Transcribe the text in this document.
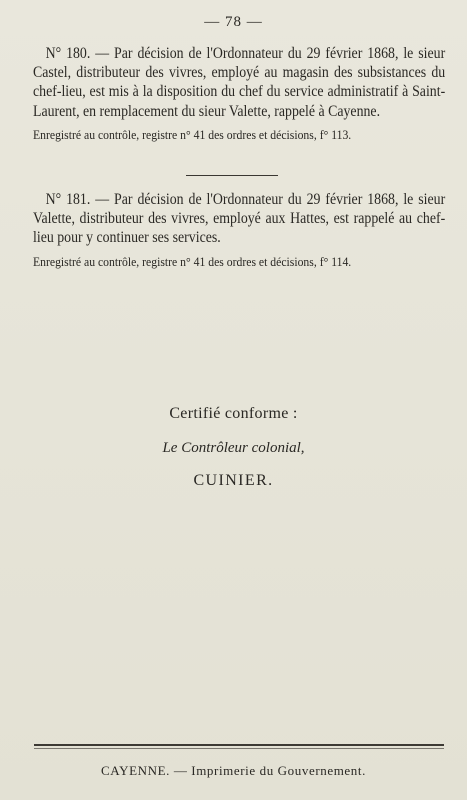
— 78 —

N° 180. — Par décision de l'Ordonnateur du 29 février 1868, le sieur Castel, distributeur des vivres, employé au magasin des subsistances du chef-lieu, est mis à la disposition du chef du service administratif à Saint-Laurent, en remplacement du sieur Valette, rappelé à Cayenne.

Enregistré au contrôle, registre n° 41 des ordres et décisions, f° 113.

N° 181. — Par décision de l'Ordonnateur du 29 février 1868, le sieur Valette, distributeur des vivres, employé aux Hattes, est rappelé au chef-lieu pour y continuer ses services.

Enregistré au contrôle, registre n° 41 des ordres et décisions, f° 114.

Certifié conforme :
Le Contrôleur colonial,
CUINIER.
CAYENNE. — Imprimerie du Gouvernement.
